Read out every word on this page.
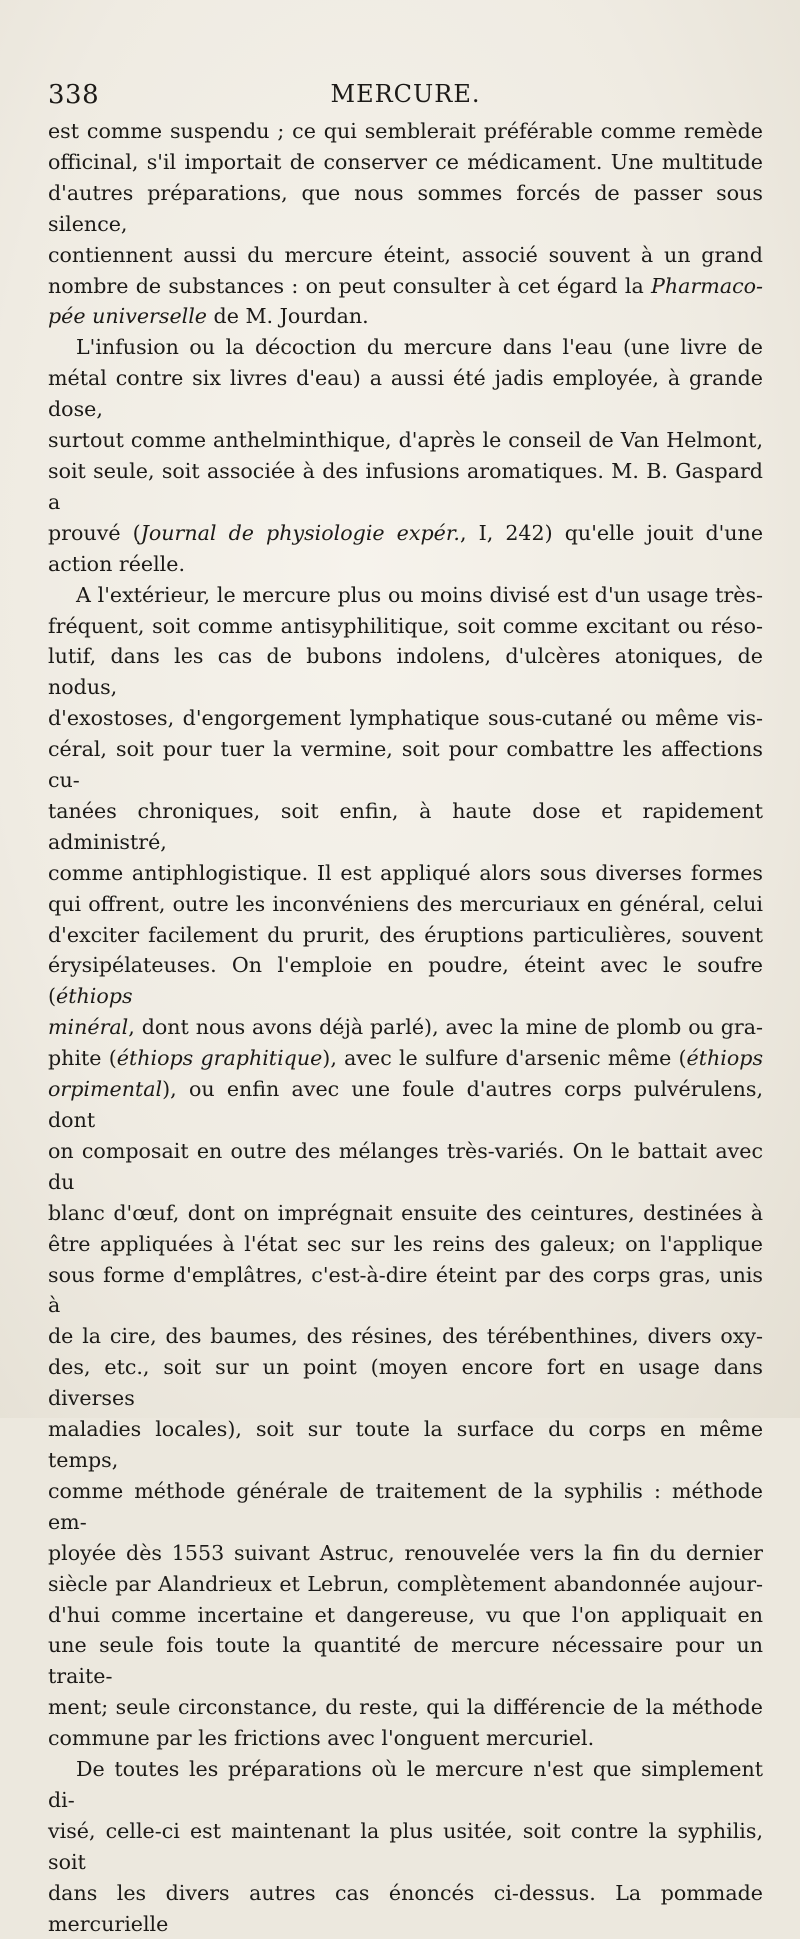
338	MERCURE.
est comme suspendu ; ce qui semblerait préférable comme remède
officinal, s'il importait de conserver ce médicament. Une multitude
d'autres préparations, que nous sommes forcés de passer sous silence,
contiennent aussi du mercure éteint, associé souvent à un grand
nombre de substances : on peut consulter à cet égard la Pharmaco-
pée universelle de M. Jourdan.
L'infusion ou la décoction du mercure dans l'eau (une livre de
métal contre six livres d'eau) a aussi été jadis employée, à grande dose,
surtout comme anthelminthique, d'après le conseil de Van Helmont,
soit seule, soit associée à des infusions aromatiques. M. B. Gaspard a
prouvé (Journal de physiologie expér., I, 242) qu'elle jouit d'une
action réelle.
A l'extérieur, le mercure plus ou moins divisé est d'un usage très-
fréquent, soit comme antisyphilitique, soit comme excitant ou réso-
lutif, dans les cas de bubons indolens, d'ulcères atoniques, de nodus,
d'exostoses, d'engorgement lymphatique sous-cutané ou même vis-
céral, soit pour tuer la vermine, soit pour combattre les affections cu-
tanées chroniques, soit enfin, à haute dose et rapidement administré,
comme antiphlogistique. Il est appliqué alors sous diverses formes
qui offrent, outre les inconvéniens des mercuriaux en général, celui
d'exciter facilement du prurit, des éruptions particulières, souvent
érysipélateuses. On l'emploie en poudre, éteint avec le soufre (éthiops
minéral, dont nous avons déjà parlé), avec la mine de plomb ou gra-
phite (éthiops graphitique), avec le sulfure d'arsenic même (éthiops
orpimental), ou enfin avec une foule d'autres corps pulvérulens, dont
on composait en outre des mélanges très-variés. On le battait avec du
blanc d'œuf, dont on imprégnait ensuite des ceintures, destinées à
être appliquées à l'état sec sur les reins des galeux; on l'applique
sous forme d'emplâtres, c'est-à-dire éteint par des corps gras, unis à
de la cire, des baumes, des résines, des térébenthines, divers oxy-
des, etc., soit sur un point (moyen encore fort en usage dans diverses
maladies locales), soit sur toute la surface du corps en même temps,
comme méthode générale de traitement de la syphilis : méthode em-
ployée dès 1553 suivant Astruc, renouvelée vers la fin du dernier
siècle par Alandrieux et Lebrun, complètement abandonnée aujour-
d'hui comme incertaine et dangereuse, vu que l'on appliquait en
une seule fois toute la quantité de mercure nécessaire pour un traite-
ment; seule circonstance, du reste, qui la différencie de la méthode
commune par les frictions avec l'onguent mercuriel.
De toutes les préparations où le mercure n'est que simplement di-
visé, celle-ci est maintenant la plus usitée, soit contre la syphilis, soit
dans les divers autres cas énoncés ci-dessus. La pommade mercurielle
